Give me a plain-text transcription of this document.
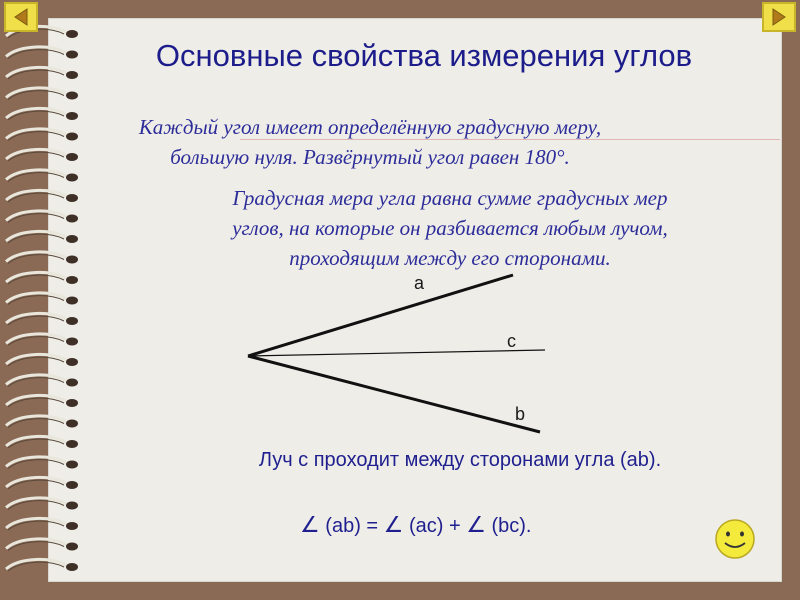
Основные свойства измерения углов
Каждый угол имеет определённую градусную меру,
большую нуля. Развёрнутый угол равен 180°.
Градусная мера угла равна сумме градусных мер
углов, на которые он разбивается любым лучом,
проходящим между его сторонами.
a
c
b
Луч с проходит между сторонами угла (ab).
∠ (ab) = ∠ (ac) + ∠ (bc).
